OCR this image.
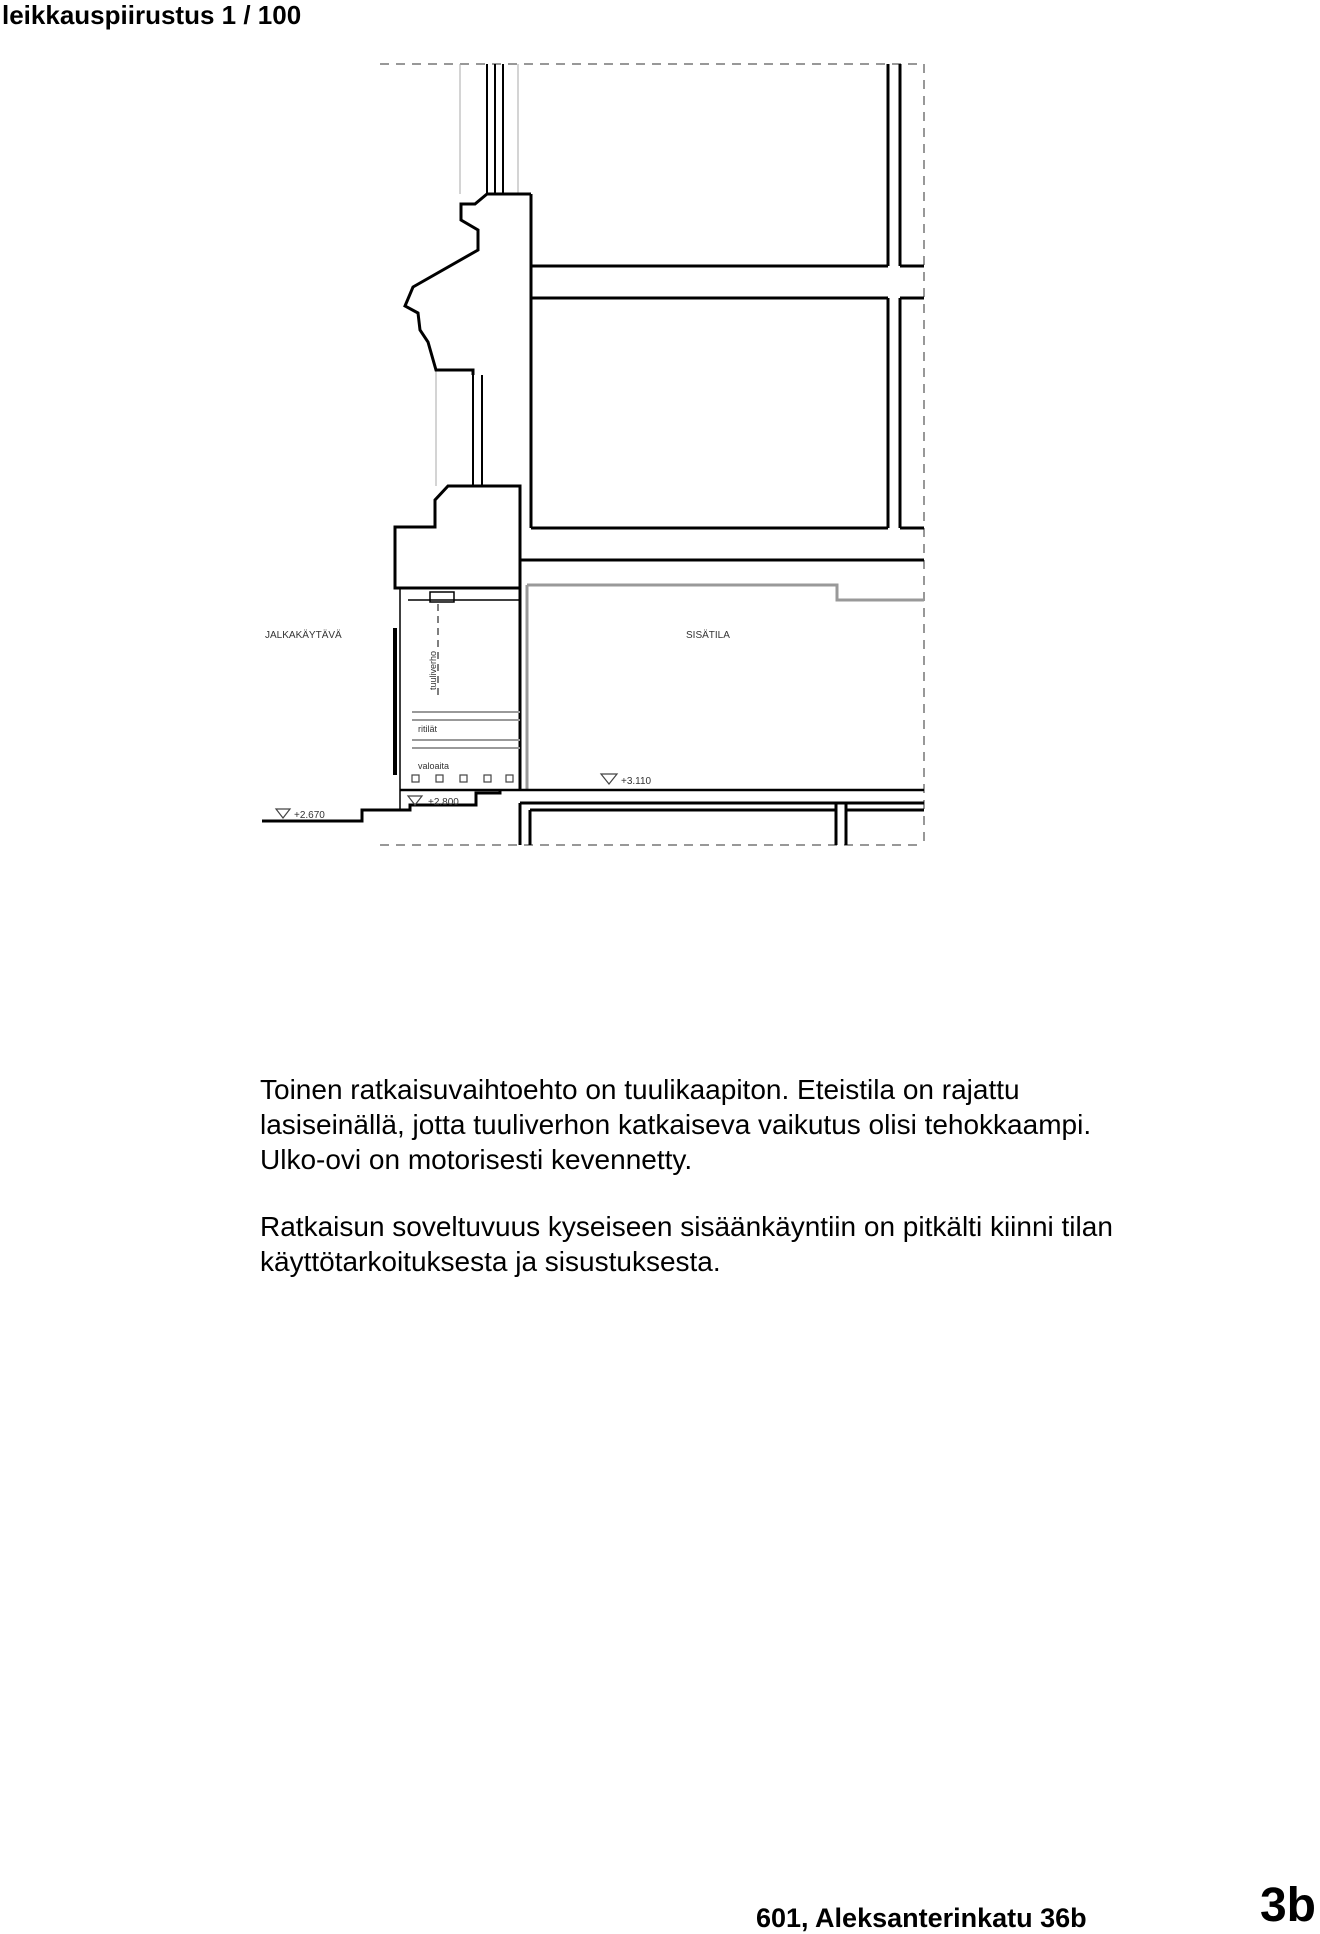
leikkauspiirustus 1 / 100
JALKAKÄYTÄVÄ	SISÄTILA
tuuliverho
ritilät
valoaita
+2.670
+2.800
+3.110

Toinen ratkaisuvaihtoehto on tuulikaapiton. Eteistila on rajattu lasiseinällä, jotta tuuliverhon katkaiseva vaikutus olisi tehokkaampi. Ulko-ovi on motorisesti kevennetty.

Ratkaisun soveltuvuus kyseiseen sisäänkäyntiin on pitkälti kiinni tilan käyttötarkoituksesta ja sisustuksesta.

601, Aleksanterinkatu 36b	3b
